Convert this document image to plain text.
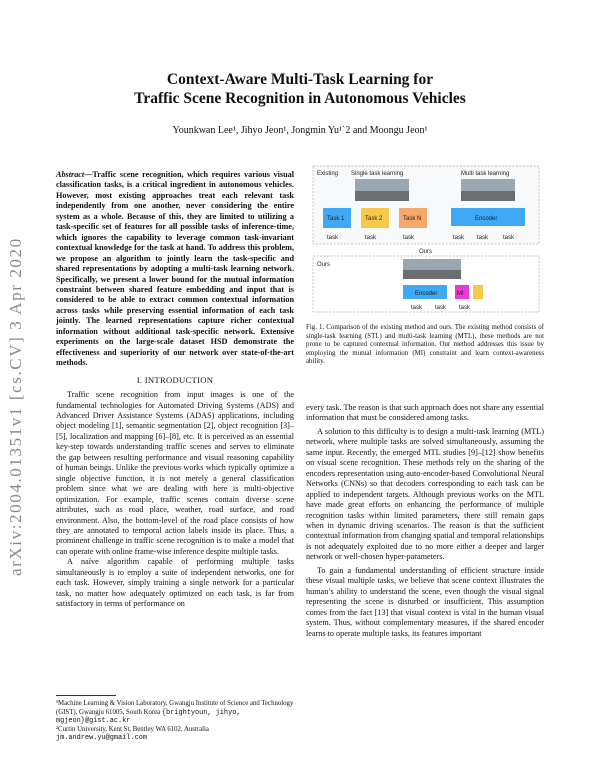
Context-Aware Multi-Task Learning for
Traffic Scene Recognition in Autonomous Vehicles
Younkwan Lee¹, Jihyo Jeon¹, Jongmin Yu¹˙2 and Moongu Jeon¹
arXiv:2004.01351v1 [cs.CV] 3 Apr 2020

Abstract—Traffic scene recognition, which requires various visual classification tasks, is a critical ingredient in autonomous vehicles. However, most existing approaches treat each relevant task independently from one another, never considering the entire system as a whole. Because of this, they are limited to utilizing a task-specific set of features for all possible tasks of inference-time, which ignores the capability to leverage common task-invariant contextual knowledge for the task at hand. To address this problem, we propose an algorithm to jointly learn the task-specific and shared representations by adopting a multi-task learning network. Specifically, we present a lower bound for the mutual information constraint between shared feature embedding and input that is considered to be able to extract common contextual information across tasks while preserving essential information of each task jointly. The learned representations capture richer contextual information without additional task-specific network. Extensive experiments on the large-scale dataset HSD demonstrate the effectiveness and superiority of our network over state-of-the-art methods.

I. INTRODUCTION

Traffic scene recognition from input images is one of the fundamental technologies for Automated Driving Systems (ADS) and Advanced Driver Assistance Systems (ADAS) applications, including object modeling [1], semantic segmentation [2], object recognition [3]–[5], localization and mapping [6]–[8], etc. It is perceived as an essential key-step towards understanding traffic scenes and serves to eliminate the gap between resulting performance and visual reasoning capability of human beings. Unlike the previous works which typically optimize a single objective function, it is not merely a general classification problem since what we are dealing with here is multi-objective optimization. For example, traffic scenes contain diverse scene attributes, such as road place, weather, road surface, and road environment. Also, the bottom-level of the road place consists of how they are annotated to temporal action labels inside its place. Thus, a prominent challenge in traffic scene recognition is to make a model that can operate with online frame-wise inference despite multiple tasks.

A naïve algorithm capable of performing multiple tasks simultaneously is to employ a suite of independent networks, one for each task. However, simply training a single network for a particular task, no matter how adequately optimized on each task, is far from satisfactory in terms of performance on

¹Machine Learning & Vision Laboratory, Gwangju Institute of Science and Technology (GIST), Gwangju 61005, South Korea {brightyoun, jihyo, mgjeon}@gist.ac.kr
²Curtin University, Kent St, Bentley WA 6102, Australia jm.andrew.yu@gmail.com
Existing Single task learning	Multi task learning
Task 1	Task 2	Task N
task	task	task
Encoder
task task task
Ours
Ours
Encoder	MI
task task task
Fig. 1. Comparison of the existing method and ours. The existing method consists of single-task learning (STL) and multi-task learning (MTL), these methods are not prone to be captured contextual information. Our method addresses this issue by employing the mutual information (MI) constraint and learn context-awareness ability.

every task. The reason is that such approach does not share any essential information that must be considered among tasks.

A solution to this difficulty is to design a multi-task learning (MTL) network, where multiple tasks are solved simultaneously, assuming the same input. Recently, the emerged MTL studies [9]–[12] show benefits on visual scene recognition. These methods rely on the sharing of the encoders representation using auto-encoder-based Convolutional Neural Networks (CNNs) so that decoders corresponding to each task can be applied to independent targets. Although previous works on the MTL have made great efforts on enhancing the performance of multiple recognition tasks within limited parameters, there still remain gaps when in dynamic driving scenarios. The reason is that the sufficient contextual information from changing spatial and temporal relationships is not adequately exploited due to no more either a deeper and larger network or well-chosen hyper-parameters.

To gain a fundamental understanding of efficient structure inside these visual multiple tasks, we believe that scene context illustrates the human’s ability to understand the scene, even though the visual signal representing the scene is disturbed or insufficient. This assumption comes from the fact [13] that visual context is vital in the human visual system. Thus, without complementary measures, if the shared encoder learns to operate multiple tasks, its features important
